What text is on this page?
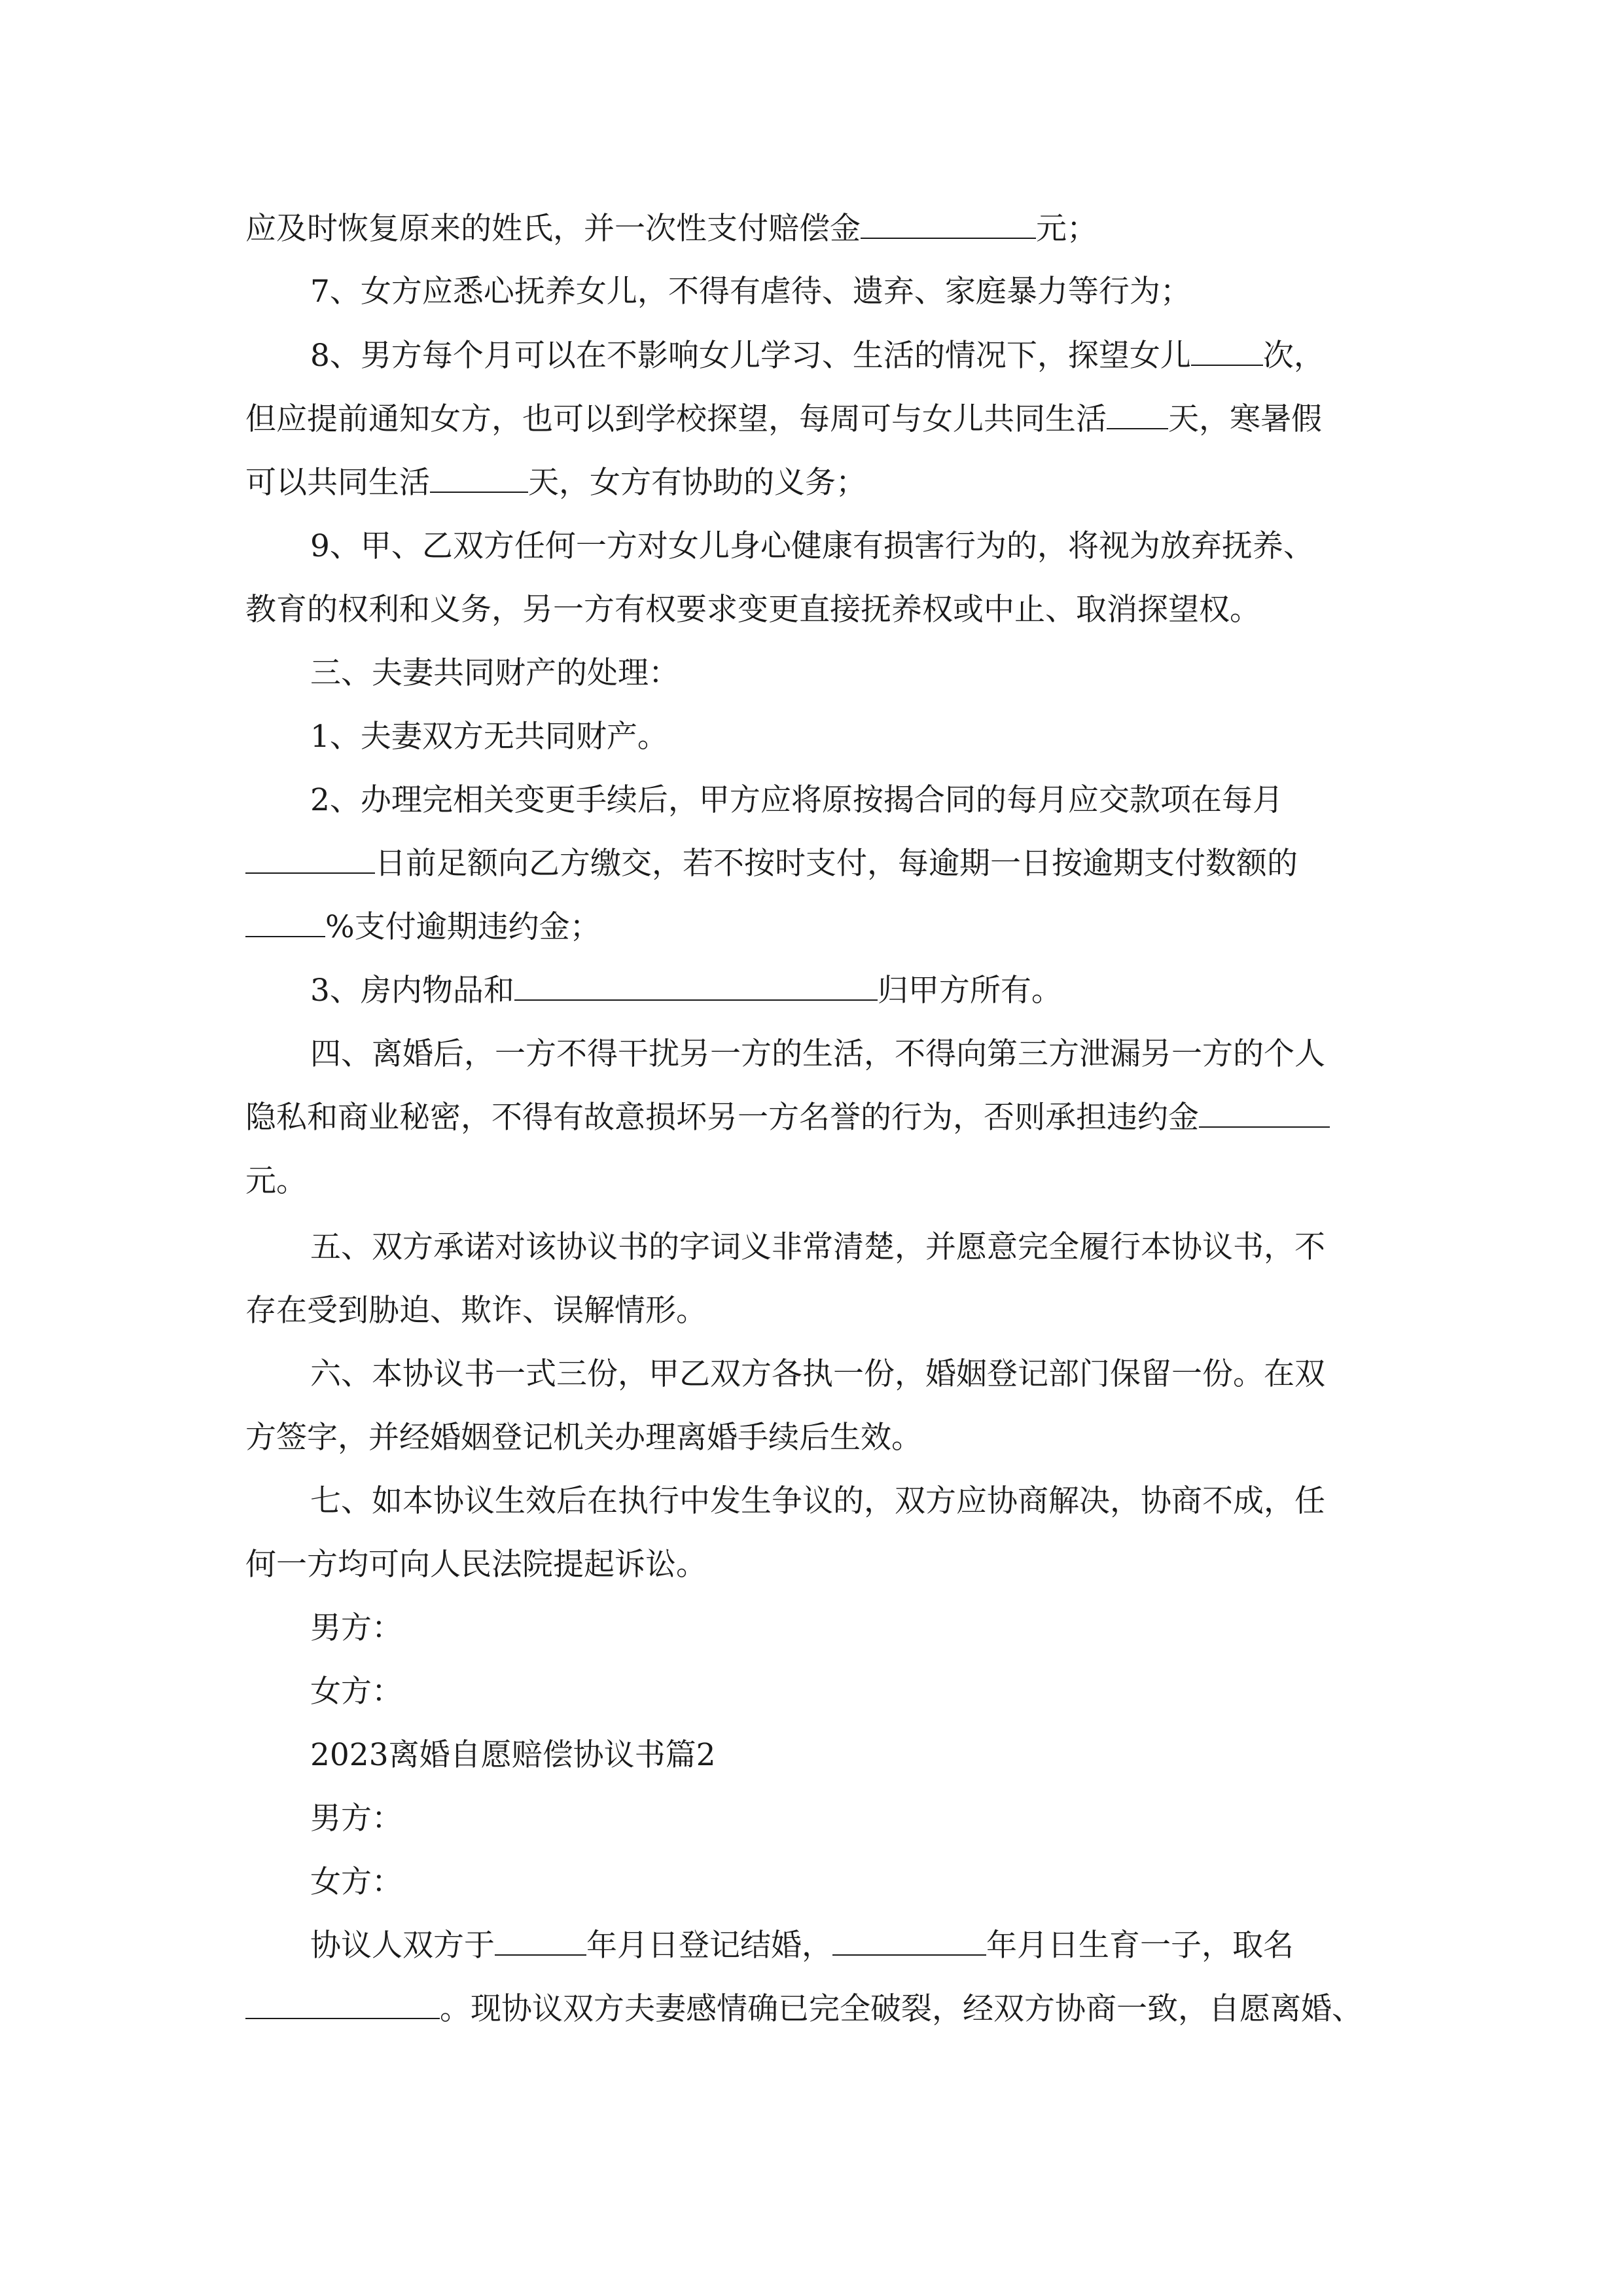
应及时恢复原来的姓氏，并一次性支付赔偿金	元；
7、女方应悉心抚养女儿，不得有虐待、遗弃、家庭暴力等行为；
8、男方每个月可以在不影响女儿学习、生活的情况下，探望女儿 次，
但应提前通知女方，也可以到学校探望，每周可与女儿共同生活 天，寒暑假
可以共同生活	天，女方有协助的义务；
9、甲、乙双方任何一方对女儿身心健康有损害行为的，将视为放弃抚养、
教育的权利和义务，另一方有权要求变更直接抚养权或中止、取消探望权。
三、夫妻共同财产的处理：
1、夫妻双方无共同财产。
2、办理完相关变更手续后，甲方应将原按揭合同的每月应交款项在每月
日前足额向乙方缴交，若不按时支付，每逾期一日按逾期支付数额的
%支付逾期违约金；
3、房内物品和	归甲方所有。
四、离婚后，一方不得干扰另一方的生活，不得向第三方泄漏另一方的个人
隐私和商业秘密，不得有故意损坏另一方名誉的行为，否则承担违约金
元。
五、双方承诺对该协议书的字词义非常清楚，并愿意完全履行本协议书，不
存在受到胁迫、欺诈、误解情形。
六、本协议书一式三份，甲乙双方各执一份，婚姻登记部门保留一份。在双
方签字，并经婚姻登记机关办理离婚手续后生效。
七、如本协议生效后在执行中发生争议的，双方应协商解决，协商不成，任
何一方均可向人民法院提起诉讼。
男方：
女方：
2023离婚自愿赔偿协议书篇2
男方：
女方：
协议人双方于	年月日登记结婚，	年月日生育一子，取名
。现协议双方夫妻感情确已完全破裂，经双方协商一致，自愿离婚、
